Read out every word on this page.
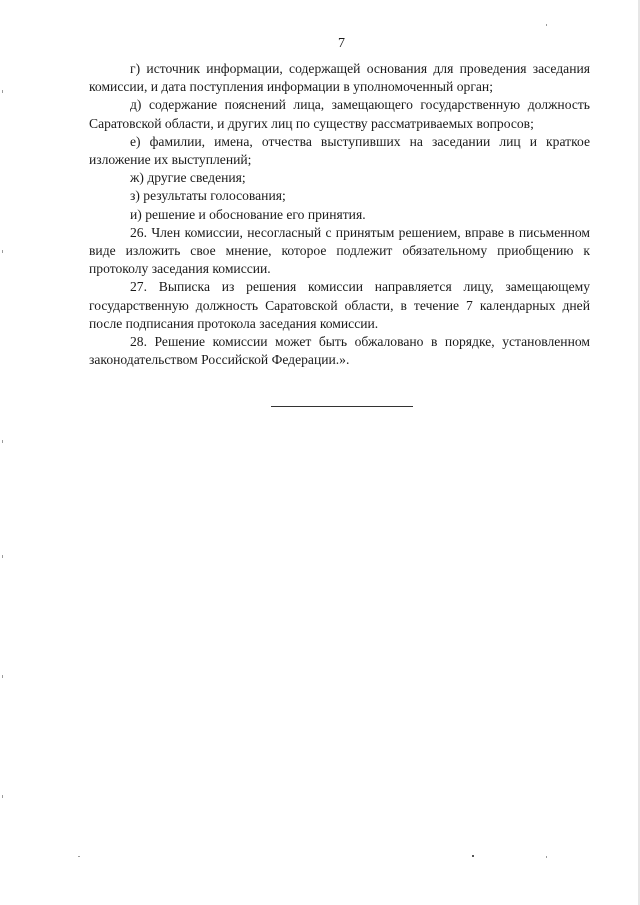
7

г) источник информации, содержащей основания для проведения заседания комиссии, и дата поступления информации в уполномоченный орган;

д) содержание пояснений лица, замещающего государственную должность Саратовской области, и других лиц по существу рассматриваемых вопросов;

е) фамилии, имена, отчества выступивших на заседании лиц и краткое изложение их выступлений;

ж) другие сведения;

з) результаты голосования;

и) решение и обоснование его принятия.

26. Член комиссии, несогласный с принятым решением, вправе в письменном виде изложить свое мнение, которое подлежит обязательному приобщению к протоколу заседания комиссии.

27. Выписка из решения комиссии направляется лицу, замещающему государственную должность Саратовской области, в течение 7 календарных дней после подписания протокола заседания комиссии.

28. Решение комиссии может быть обжаловано в порядке, установленном законодательством Российской Федерации.».
